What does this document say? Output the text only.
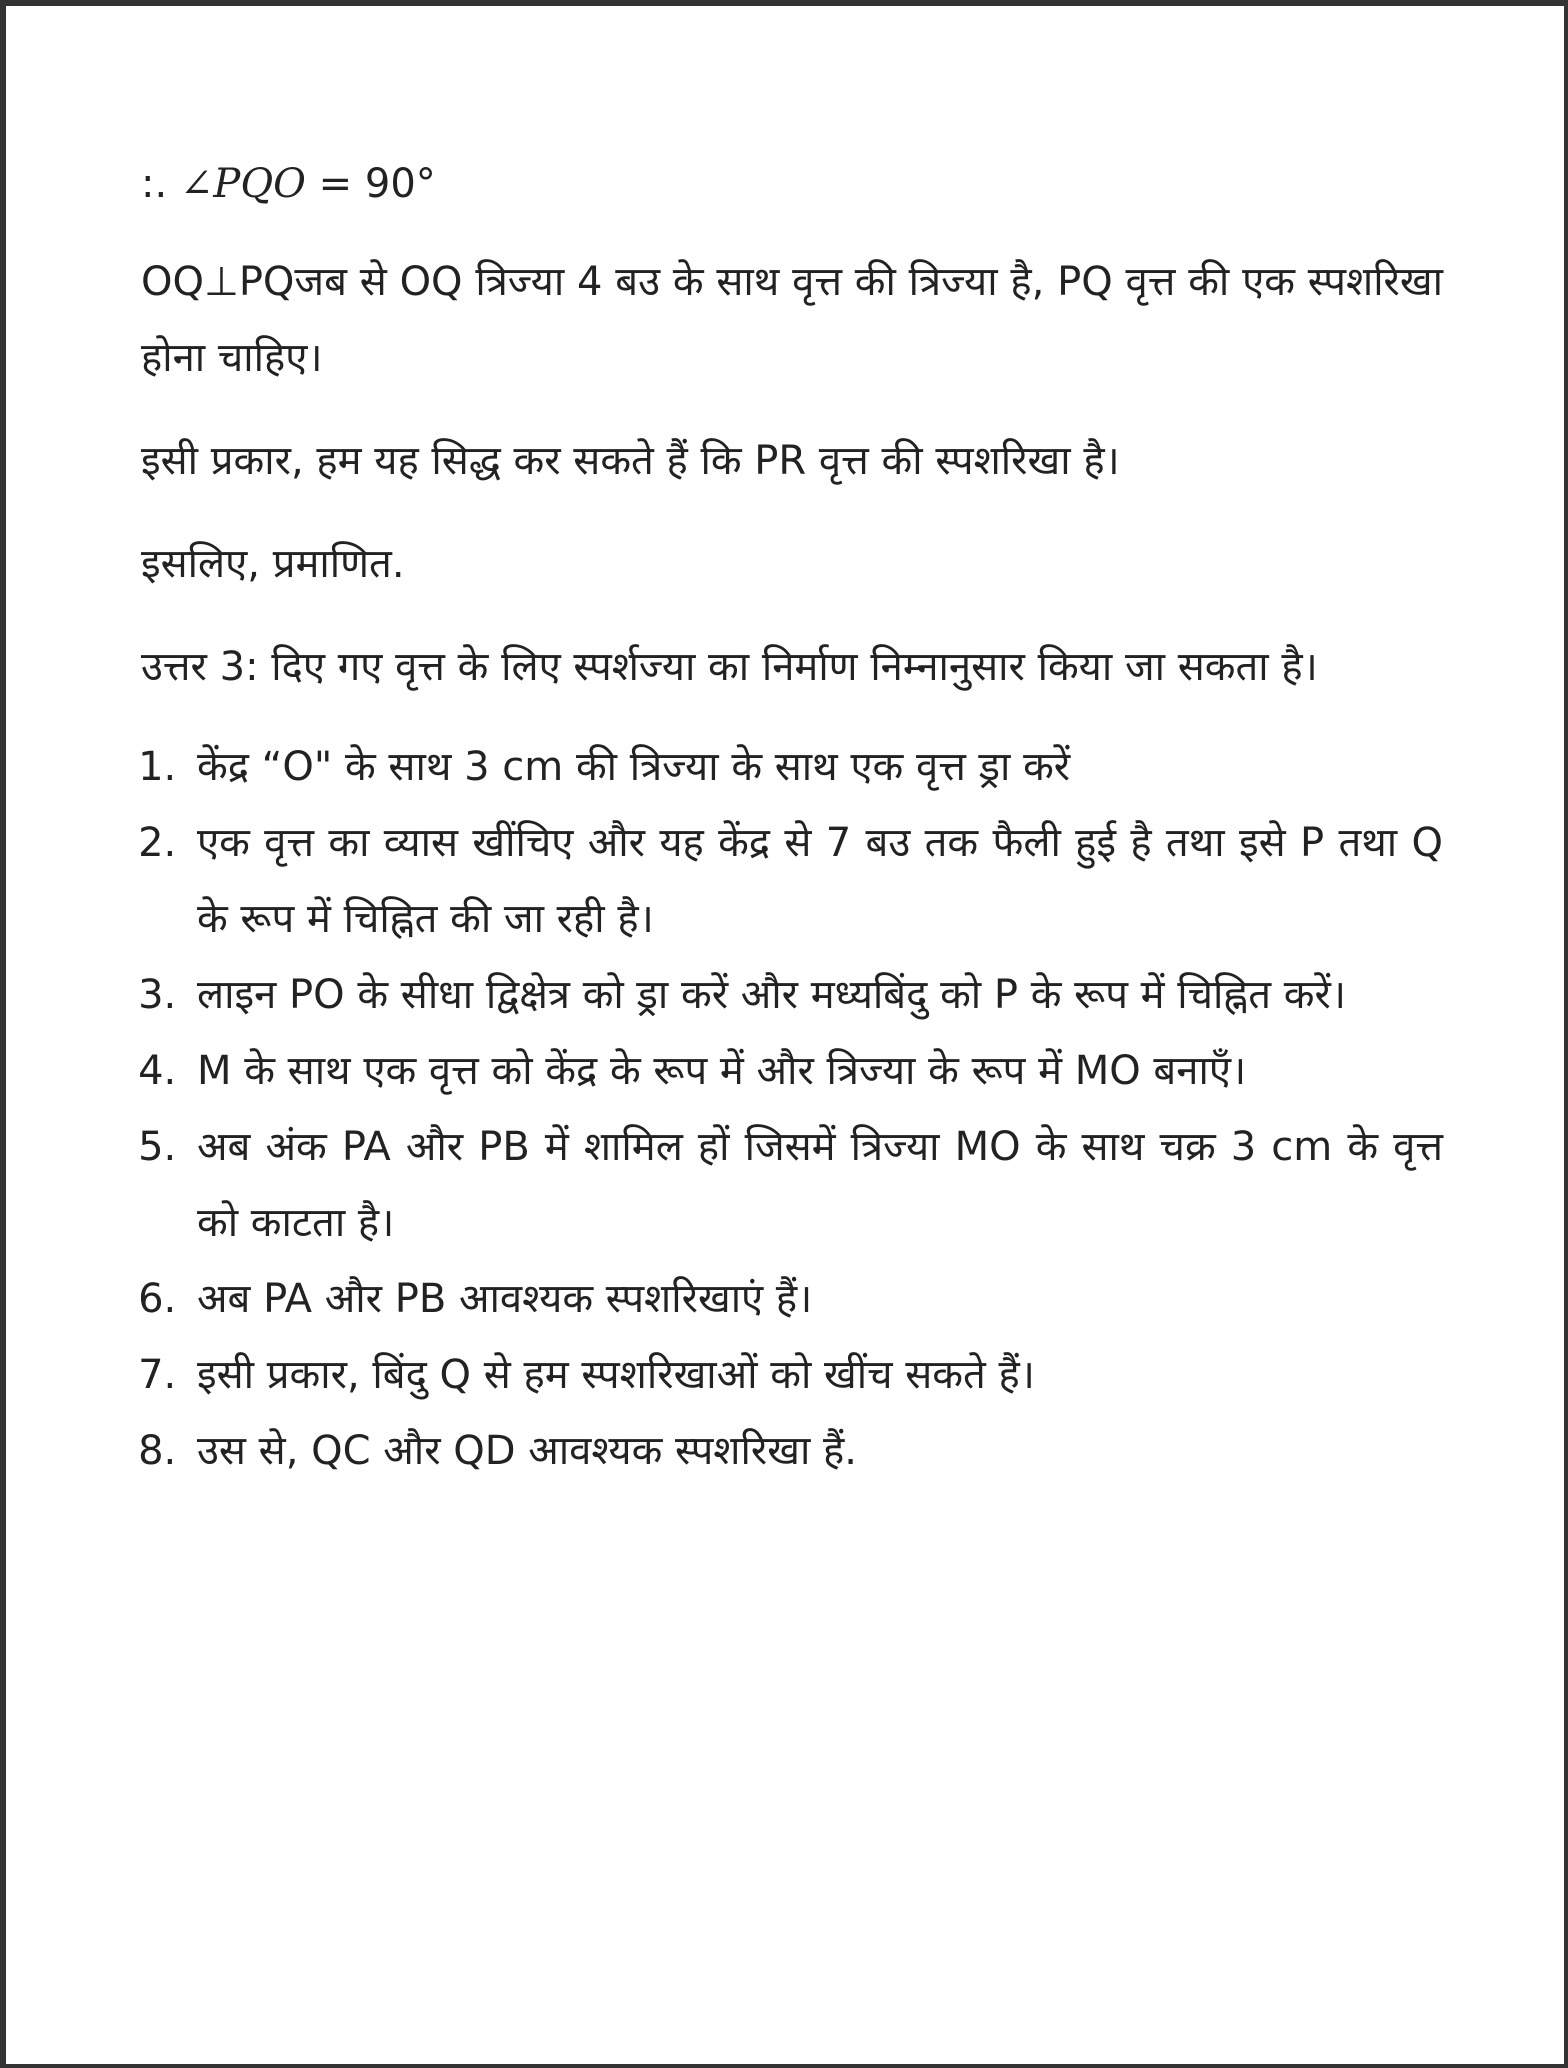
:. ∠PQO = 90°

OQ⊥PQजब से OQ त्रिज्या 4 बउ के साथ वृत्त की त्रिज्या है, PQ वृत्त की एक स्पशरिखा होना चाहिए।

इसी प्रकार, हम यह सिद्ध कर सकते हैं कि PR वृत्त की स्पशरिखा है।

इसलिए, प्रमाणित.

उत्तर 3: दिए गए वृत्त के लिए स्पर्शज्या का निर्माण निम्नानुसार किया जा सकता है।

1. केंद्र “O" के साथ 3 cm की त्रिज्या के साथ एक वृत्त ड्रा करें
2. एक वृत्त का व्यास खींचिए और यह केंद्र से 7 बउ तक फैली हुई है तथा इसे P तथा Q के रूप में चिह्नित की जा रही है।
3. लाइन PO के सीधा द्विक्षेत्र को ड्रा करें और मध्यबिंदु को P के रूप में चिह्नित करें।
4. M के साथ एक वृत्त को केंद्र के रूप में और त्रिज्या के रूप में MO बनाएँ।
5. अब अंक PA और PB में शामिल हों जिसमें त्रिज्या MO के साथ चक्र 3 cm के वृत्त को काटता है।
6. अब PA और PB आवश्यक स्पशरिखाएं हैं।
7. इसी प्रकार, बिंदु Q से हम स्पशरिखाओं को खींच सकते हैं।
8. उस से, QC और QD आवश्यक स्पशरिखा हैं.
